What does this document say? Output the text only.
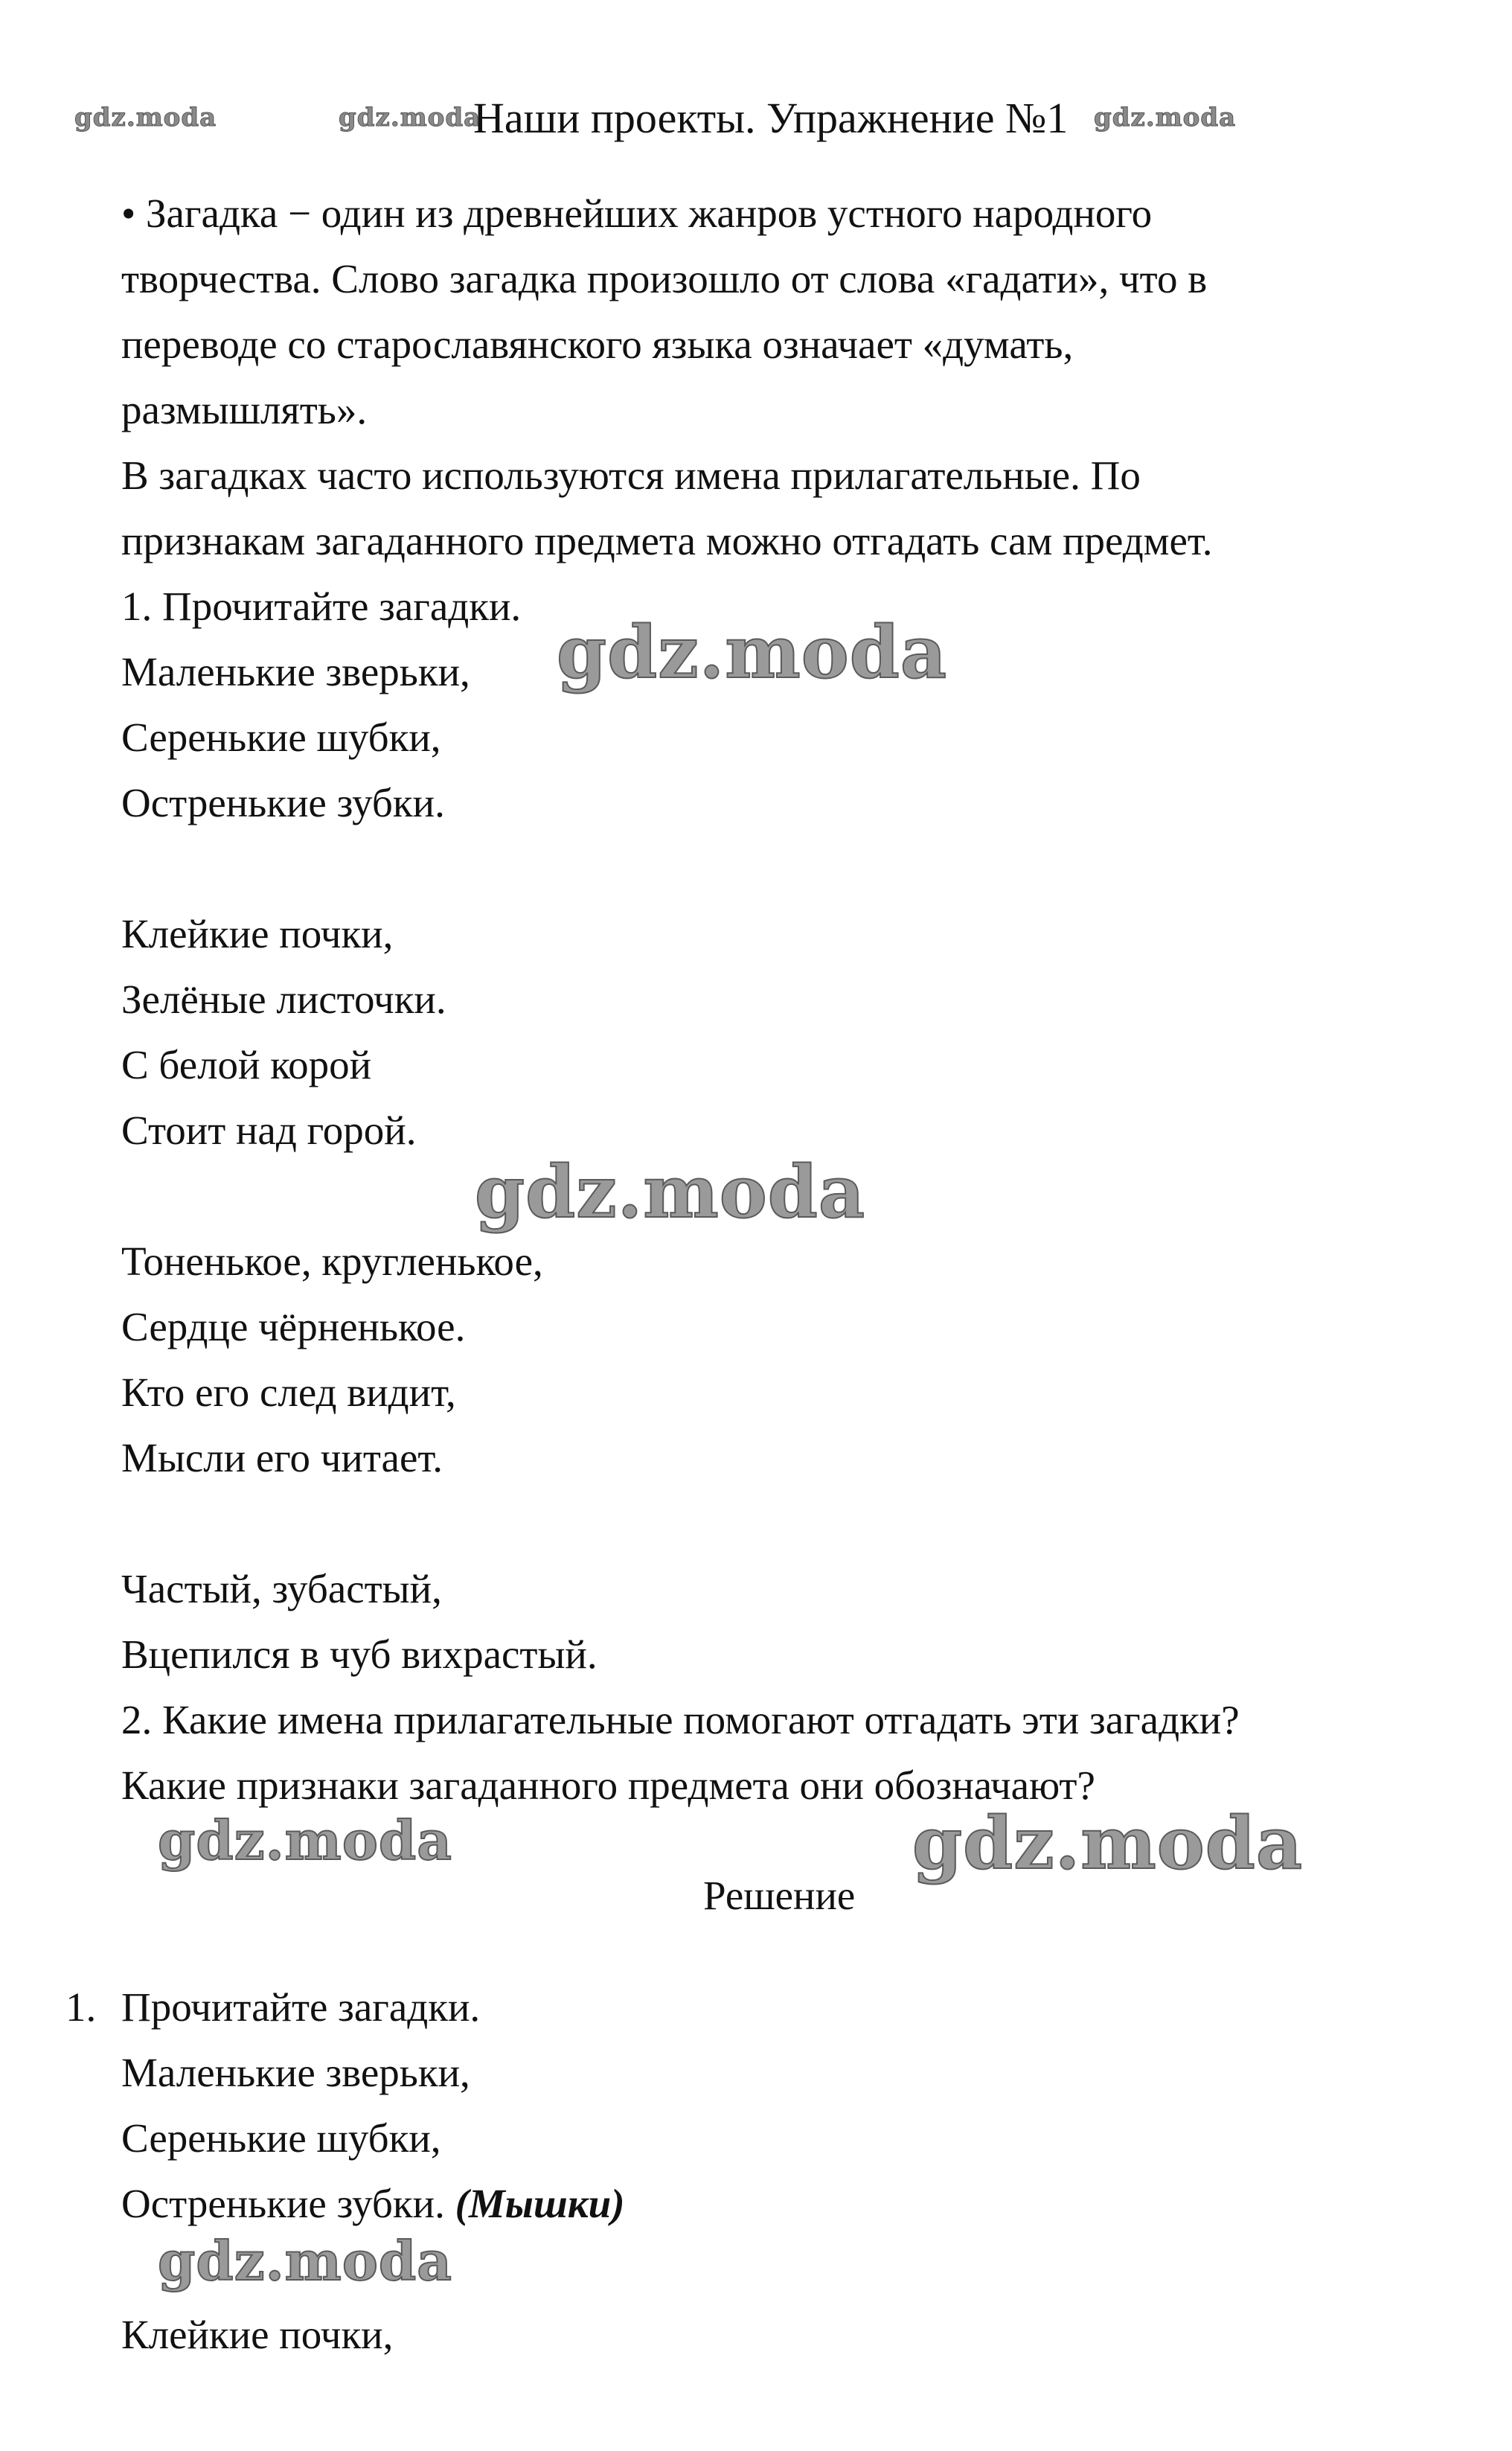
gdz.moda	gdz.moda
Наши проекты. Упражнение №1 gdz.moda

• Загадка − один из древнейших жанров устного народного

творчества. Слово загадка произошло от слова «гадати», что в

переводе со старославянского языка означает «думать,

размышлять».

В загадках часто используются имена прилагательные. По

признакам загаданного предмета можно отгадать сам предмет.

1. Прочитайте загадки.

gdz.moda

Маленькие зверьки,

Серенькие шубки,

Остренькие зубки.

Клейкие почки,

Зелёные листочки.

С белой корой

Стоит над горой.

gdz.moda

Тоненькое, кругленькое,

Сердце чёрненькое.

Кто его след видит,

Мысли его читает.

Частый, зубастый,

Вцепился в чуб вихрастый.

2. Какие имена прилагательные помогают отгадать эти загадки?

Какие признаки загаданного предмета они обозначают?

gdz.moda	gdz.moda

Решение

1. Прочитайте загадки.

Маленькие зверьки,

Серенькие шубки,

Остренькие зубки. (Мышки)

gdz.moda

Клейкие почки,
